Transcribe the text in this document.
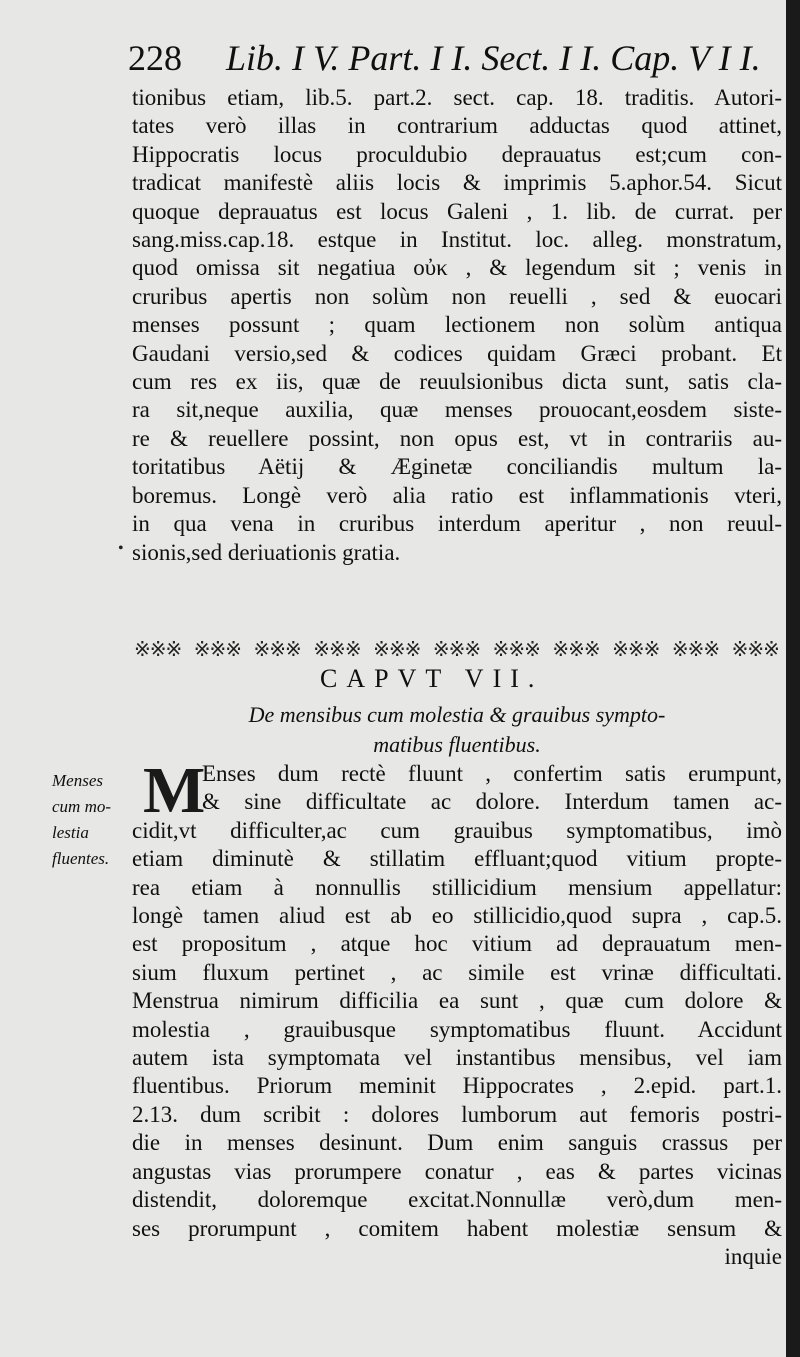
228 Lib. I V. Part. I I. Sect. I I. Cap. V I I.
tionibus etiam, lib.5. part.2. sect. cap. 18. traditis. Autori-
tates verò illas in contrarium adductas quod attinet,
Hippocratis locus proculdubio deprauatus est;cum con-
tradicat manifestè aliis locis & imprimis 5.aphor.54. Sicut
quoque deprauatus est locus Galeni , 1. lib. de currat. per
sang.miss.cap.18. estque in Institut. loc. alleg. monstratum,
quod omissa sit negatiua οὐκ , & legendum sit ; venis in
cruribus apertis non solùm non reuelli , sed & euocari
menses possunt ; quam lectionem non solùm antiqua
Gaudani versio,sed & codices quidam Græci probant. Et
cum res ex iis, quæ de reuulsionibus dicta sunt, satis cla-
ra sit,neque auxilia, quæ menses prouocant,eosdem siste-
re & reuellere possint, non opus est, vt in contrariis au-
toritatibus Aëtij & Æginetæ conciliandis multum la-
boremus. Longè verò alia ratio est inflammationis vteri,
in qua vena in cruribus interdum aperitur , non reuul-
sionis,sed deriuationis gratia.
•
※※※ ※※※ ※※※ ※※※ ※※※ ※※※ ※※※ ※※※ ※※※ ※※※ ※※※
CAPVT VII.
De mensibus cum molestia & grauibus sympto-
matibus fluentibus.
Menses
cum mo-
lestia
fluentes.
M
Enses dum rectè fluunt , confertim satis erumpunt,
& sine difficultate ac dolore. Interdum tamen ac-
cidit,vt difficulter,ac cum grauibus symptomatibus, imò
etiam diminutè & stillatim effluant;quod vitium propte-
rea etiam à nonnullis stillicidium mensium appellatur:
longè tamen aliud est ab eo stillicidio,quod supra , cap.5.
est propositum , atque hoc vitium ad deprauatum men-
sium fluxum pertinet , ac simile est vrinæ difficultati.
Menstrua nimirum difficilia ea sunt , quæ cum dolore &
molestia , grauibusque symptomatibus fluunt. Accidunt
autem ista symptomata vel instantibus mensibus, vel iam
fluentibus. Priorum meminit Hippocrates , 2.epid. part.1.
2.13. dum scribit : dolores lumborum aut femoris postri-
die in menses desinunt. Dum enim sanguis crassus per
angustas vias prorumpere conatur , eas & partes vicinas
distendit, doloremque excitat.Nonnullæ verò,dum men-
ses prorumpunt , comitem habent molestiæ sensum &
inquie
